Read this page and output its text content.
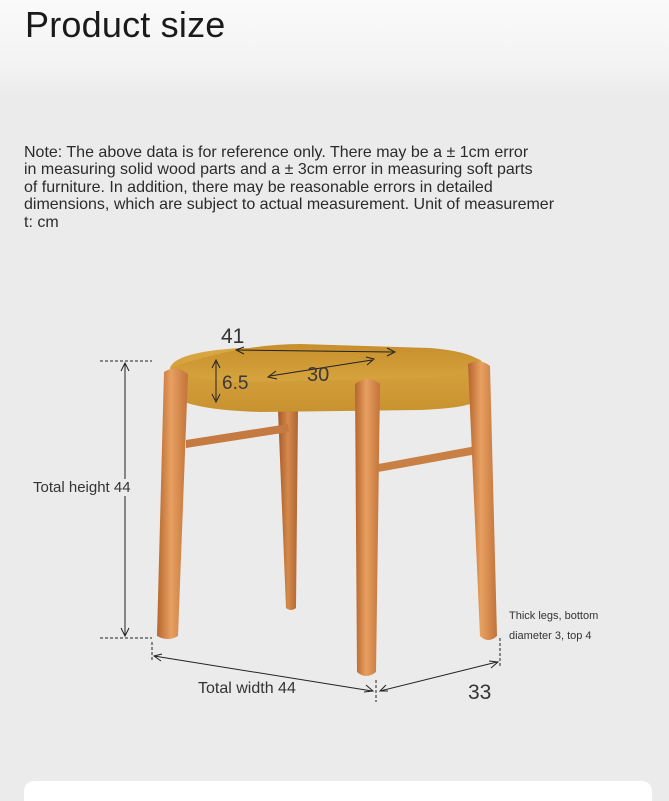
Product size
Note: The above data is for reference only. There may be a ± 1cm error
in measuring solid wood parts and a ± 3cm error in measuring soft parts
of furniture. In addition, there may be reasonable errors in detailed
dimensions, which are subject to actual measurement. Unit of measuremer
t: cm
41
30
6.5
Total height 44
Total width 44	33
Thick legs, bottom
diameter 3, top 4
